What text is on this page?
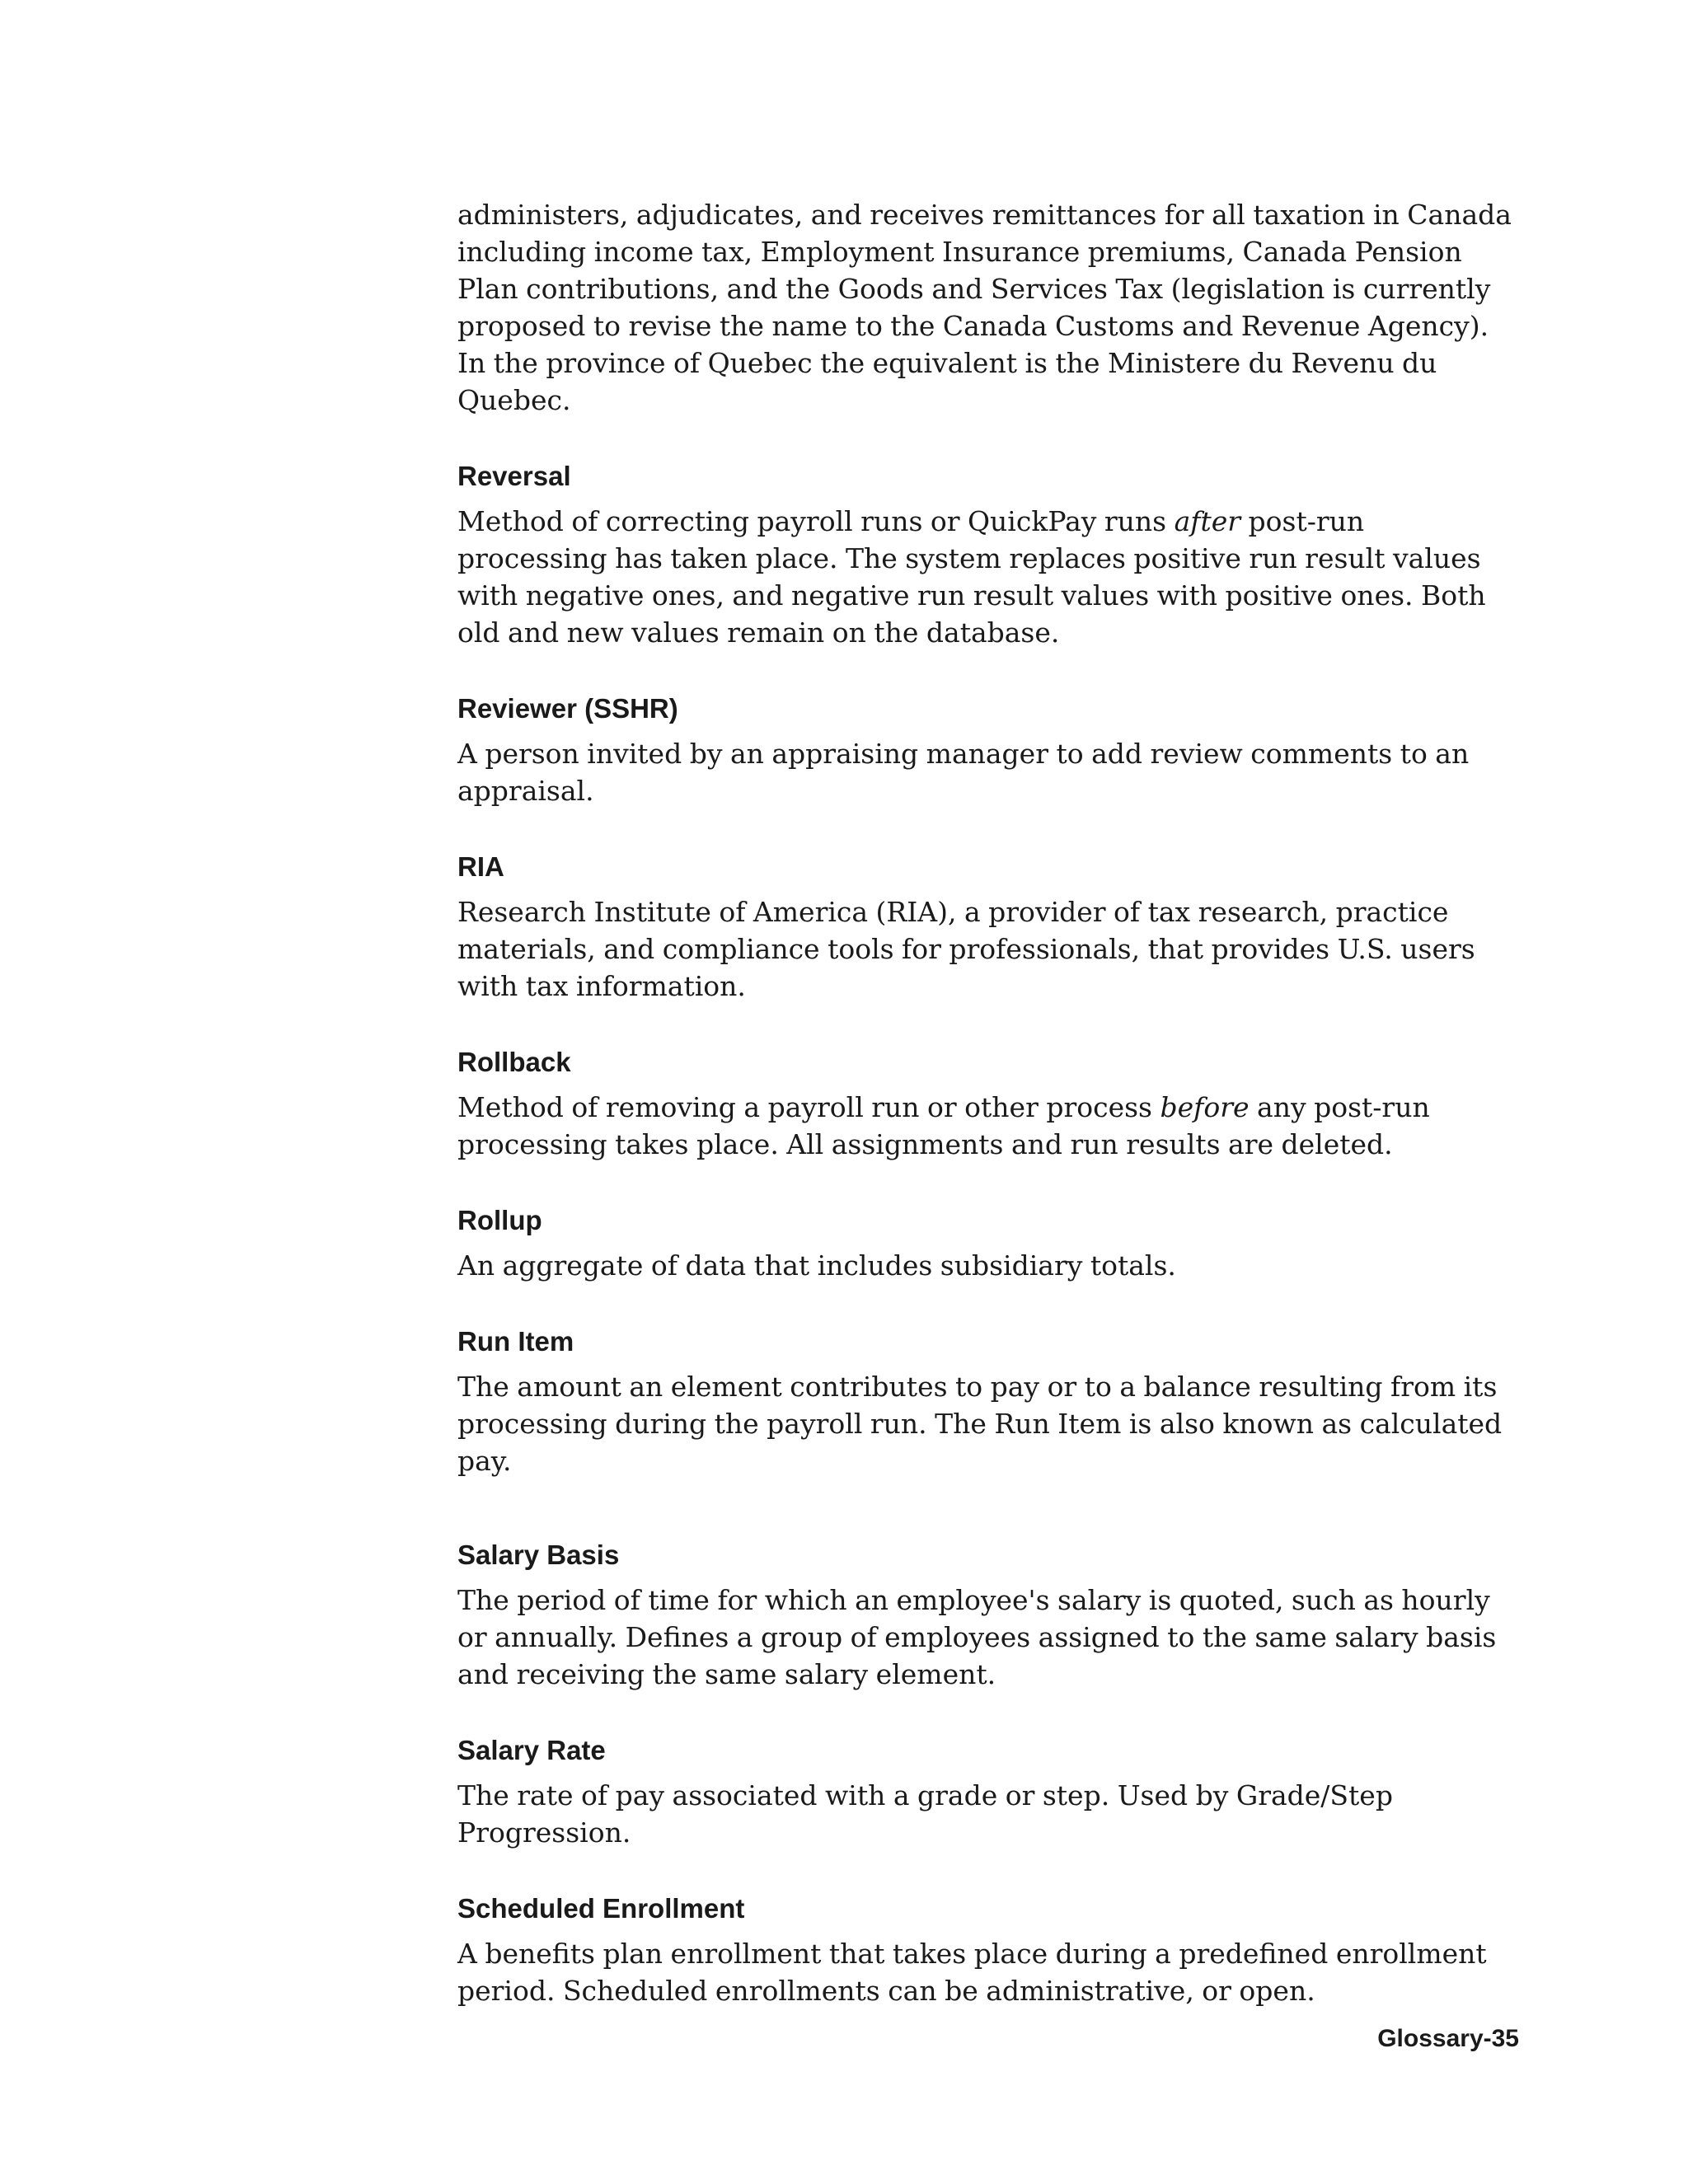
administers, adjudicates, and receives remittances for all taxation in Canada including income tax, Employment Insurance premiums, Canada Pension Plan contributions, and the Goods and Services Tax (legislation is currently proposed to revise the name to the Canada Customs and Revenue Agency). In the province of Quebec the equivalent is the Ministere du Revenu du Quebec.

Reversal

Method of correcting payroll runs or QuickPay runs after post-run processing has taken place. The system replaces positive run result values with negative ones, and negative run result values with positive ones. Both old and new values remain on the database.

Reviewer (SSHR)

A person invited by an appraising manager to add review comments to an appraisal.

RIA

Research Institute of America (RIA), a provider of tax research, practice materials, and compliance tools for professionals, that provides U.S. users with tax information.

Rollback

Method of removing a payroll run or other process before any post-run processing takes place. All assignments and run results are deleted.

Rollup

An aggregate of data that includes subsidiary totals.

Run Item

The amount an element contributes to pay or to a balance resulting from its processing during the payroll run. The Run Item is also known as calculated pay.

Salary Basis

The period of time for which an employee's salary is quoted, such as hourly or annually. Defines a group of employees assigned to the same salary basis and receiving the same salary element.

Salary Rate

The rate of pay associated with a grade or step. Used by Grade/Step Progression.

Scheduled Enrollment

A benefits plan enrollment that takes place during a predefined enrollment period. Scheduled enrollments can be administrative, or open.

Glossary-35
